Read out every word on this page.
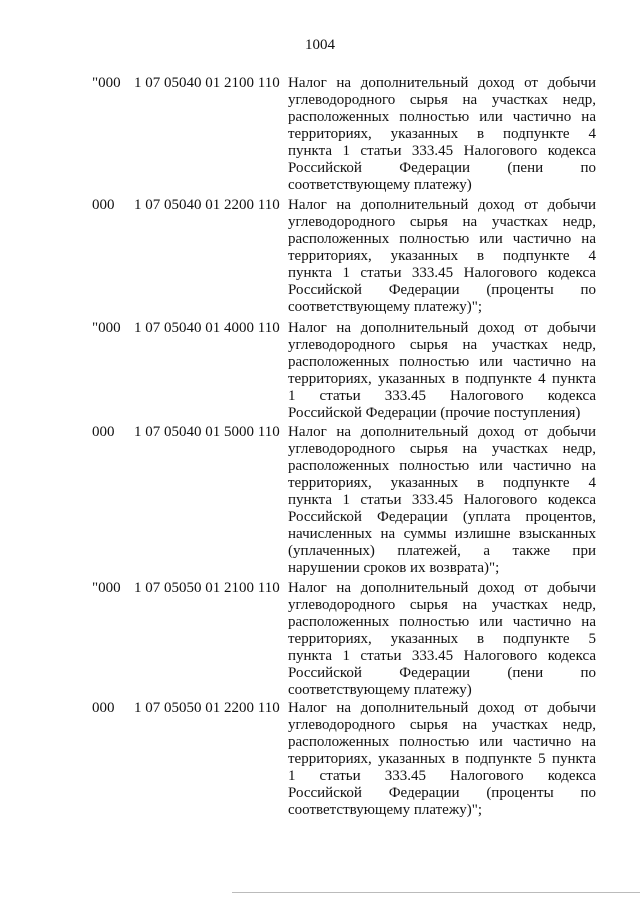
1004
"000 1 07 05040 01 2100 110 Налог на дополнительный доход от добычи
углеводородного сырья на участках недр,
расположенных полностью или частично на
территориях, указанных в подпункте 4
пункта 1 статьи 333.45 Налогового кодекса
Российской Федерации (пени по
соответствующему платежу)
000 1 07 05040 01 2200 110 Налог на дополнительный доход от добычи
углеводородного сырья на участках недр,
расположенных полностью или частично на
территориях, указанных в подпункте 4
пункта 1 статьи 333.45 Налогового кодекса
Российской Федерации (проценты по
соответствующему платежу)";
"000 1 07 05040 01 4000 110 Налог на дополнительный доход от добычи
углеводородного сырья на участках недр,
расположенных полностью или частично на
территориях, указанных в подпункте 4 пункта
1 статьи 333.45 Налогового кодекса
Российской Федерации (прочие поступления)
000 1 07 05040 01 5000 110 Налог на дополнительный доход от добычи
углеводородного сырья на участках недр,
расположенных полностью или частично на
территориях, указанных в подпункте 4
пункта 1 статьи 333.45 Налогового кодекса
Российской Федерации (уплата процентов,
начисленных на суммы излишне взысканных
(уплаченных) платежей, а также при
нарушении сроков их возврата)";
"000 1 07 05050 01 2100 110 Налог на дополнительный доход от добычи
углеводородного сырья на участках недр,
расположенных полностью или частично на
территориях, указанных в подпункте 5
пункта 1 статьи 333.45 Налогового кодекса
Российской Федерации (пени по
соответствующему платежу)
000 1 07 05050 01 2200 110 Налог на дополнительный доход от добычи
углеводородного сырья на участках недр,
расположенных полностью или частично на
территориях, указанных в подпункте 5 пункта
1 статьи 333.45 Налогового кодекса
Российской Федерации (проценты по
соответствующему платежу)";
